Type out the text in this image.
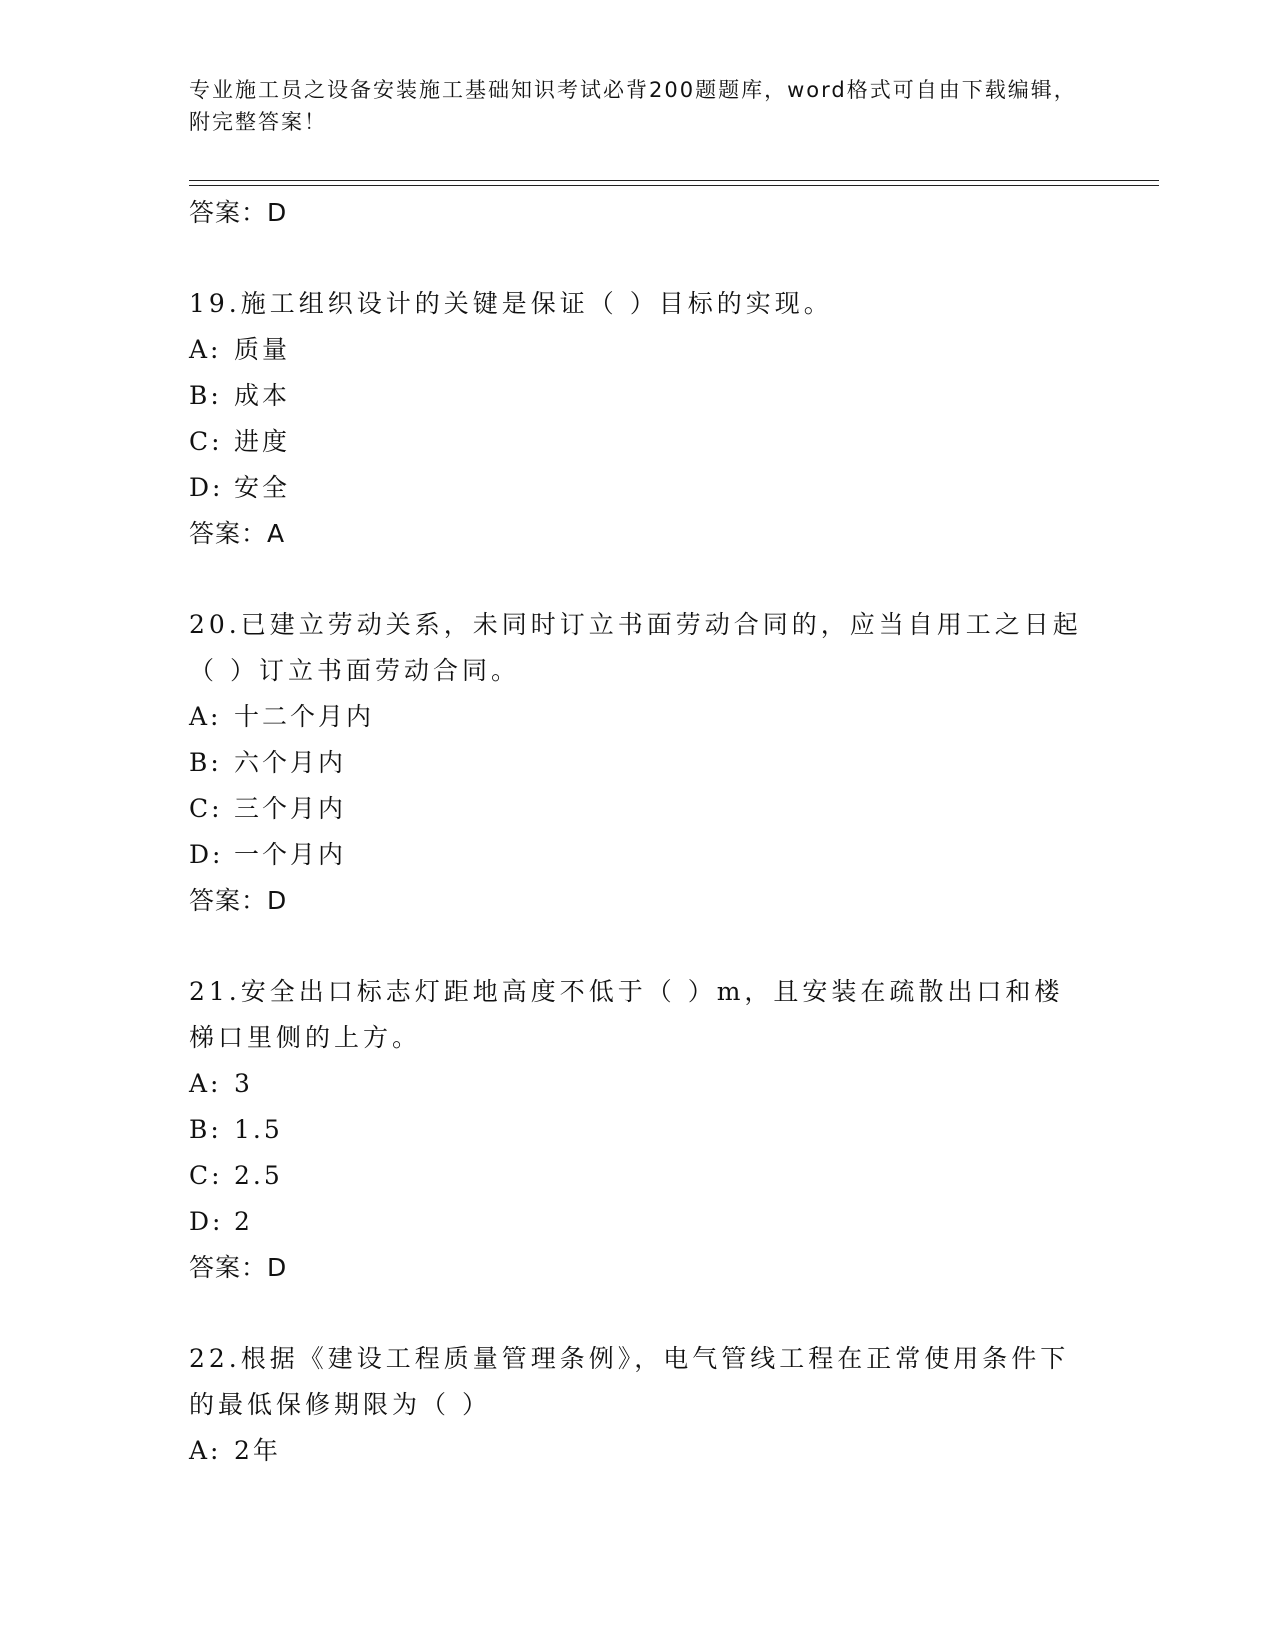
专业施工员之设备安装施工基础知识考试必背200题题库，word格式可自由下载编辑，附完整答案！
答案：D
19.施工组织设计的关键是保证（ ）目标的实现。
A: 质量
B: 成本
C: 进度
D: 安全
答案：A
20.已建立劳动关系，未同时订立书面劳动合同的，应当自用工之日起（ ）订立书面劳动合同。
A: 十二个月内
B: 六个月内
C: 三个月内
D: 一个月内
答案：D
21.安全出口标志灯距地高度不低于（ ）m，且安装在疏散出口和楼梯口里侧的上方。
A: 3
B: 1.5
C: 2.5
D: 2
答案：D
22.根据《建设工程质量管理条例》，电气管线工程在正常使用条件下的最低保修期限为（ ）
A: 2年
